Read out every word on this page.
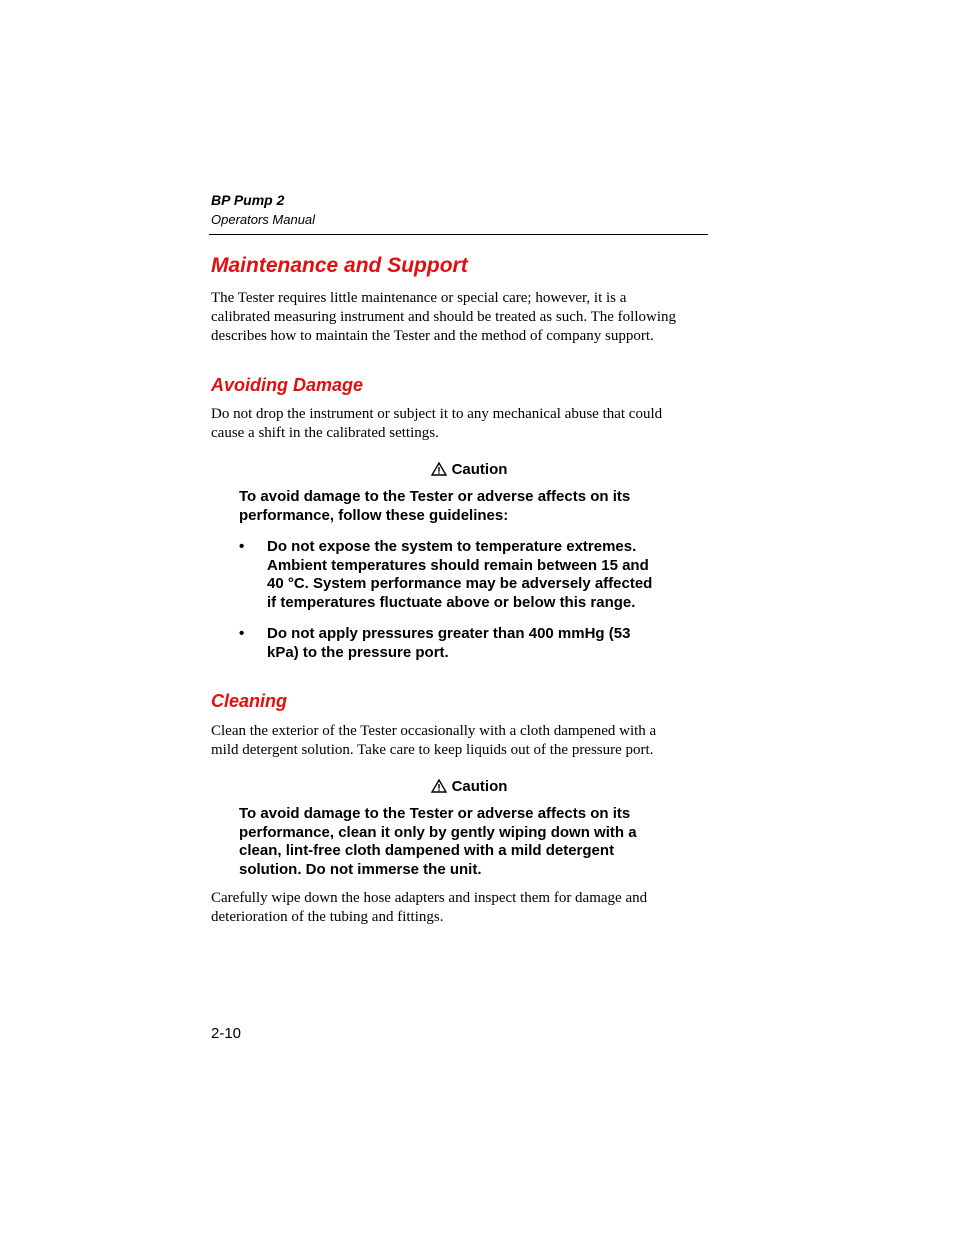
BP Pump 2
Operators Manual
Maintenance and Support
The Tester requires little maintenance or special care; however, it is a
calibrated measuring instrument and should be treated as such. The following
describes how to maintain the Tester and the method of company support.
Avoiding Damage
Do not drop the instrument or subject it to any mechanical abuse that could
cause a shift in the calibrated settings.
Caution
To avoid damage to the Tester or adverse affects on its
performance, follow these guidelines:
•	Do not expose the system to temperature extremes.
Ambient temperatures should remain between 15 and
40 °C. System performance may be adversely affected
if temperatures fluctuate above or below this range.
•	Do not apply pressures greater than 400 mmHg (53
kPa) to the pressure port.
Cleaning
Clean the exterior of the Tester occasionally with a cloth dampened with a
mild detergent solution. Take care to keep liquids out of the pressure port.
Caution
To avoid damage to the Tester or adverse affects on its
performance, clean it only by gently wiping down with a
clean, lint-free cloth dampened with a mild detergent
solution. Do not immerse the unit.
Carefully wipe down the hose adapters and inspect them for damage and
deterioration of the tubing and fittings.
2-10
